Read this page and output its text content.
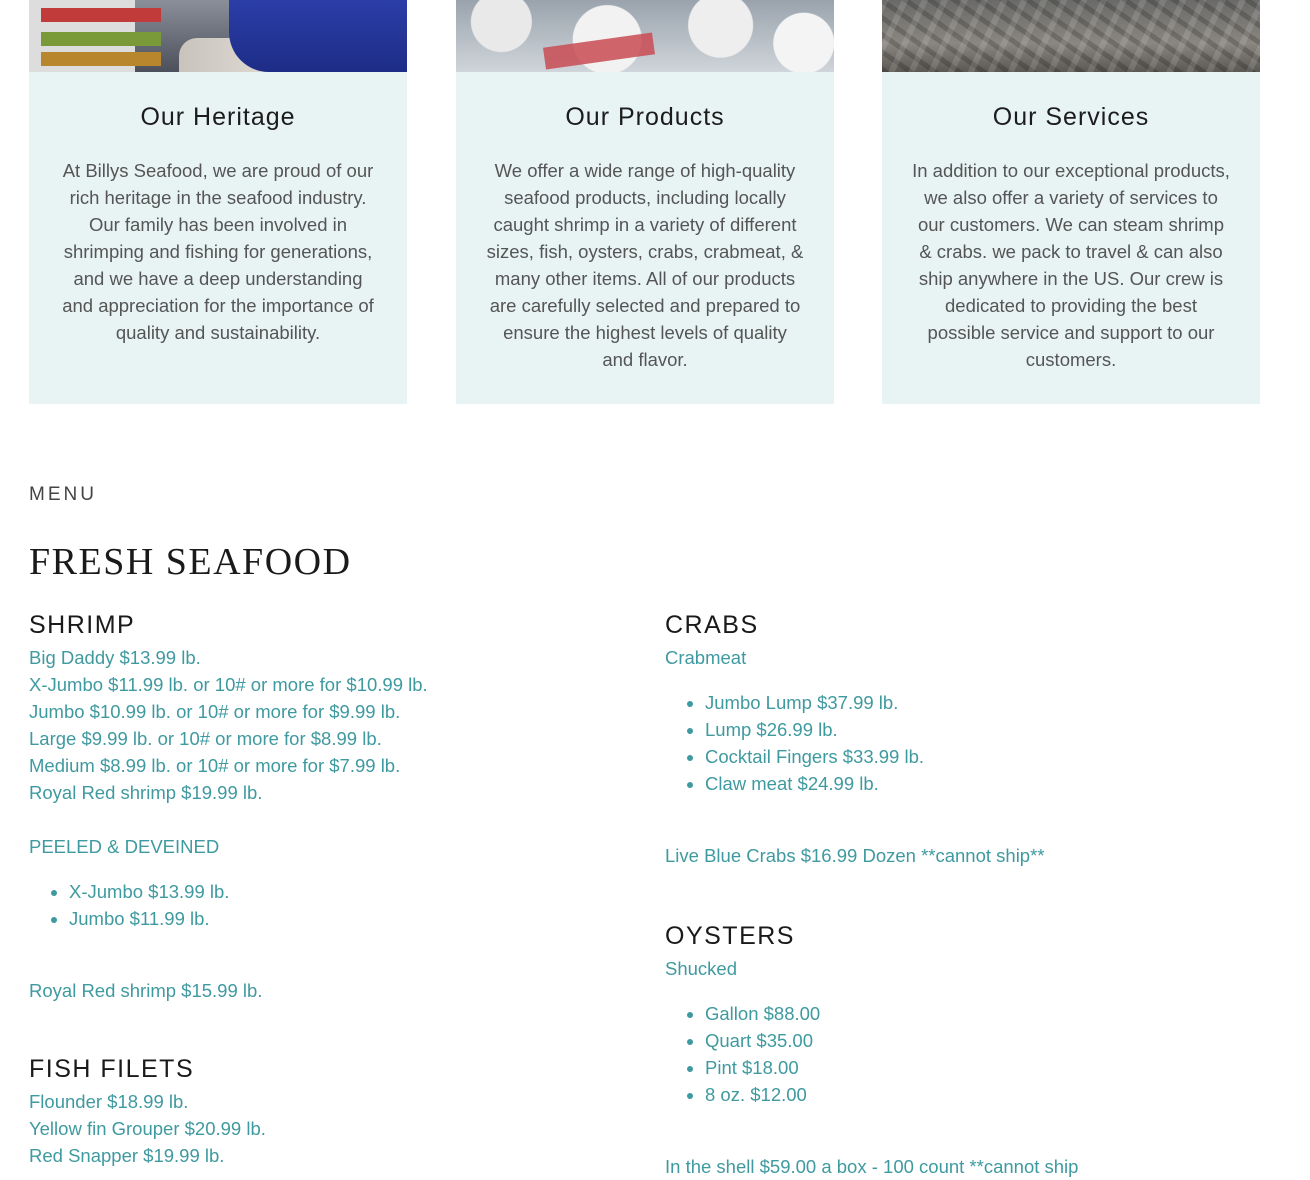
Our Heritage

At Billys Seafood, we are proud of our rich heritage in the seafood industry. Our family has been involved in shrimping and fishing for generations, and we have a deep understanding and appreciation for the importance of quality and sustainability.

Our Products

We offer a wide range of high-quality seafood products, including locally caught shrimp in a variety of different sizes, fish, oysters, crabs, crabmeat, & many other items. All of our products are carefully selected and prepared to ensure the highest levels of quality and flavor.

Our Services

In addition to our exceptional products, we also offer a variety of services to our customers. We can steam shrimp & crabs. we pack to travel & can also ship anywhere in the US. Our crew is dedicated to providing the best possible service and support to our customers.

MENU
FRESH SEAFOOD
SHRIMP
Big Daddy $13.99 lb.
X-Jumbo $11.99 lb. or 10# or more for $10.99 lb.
Jumbo $10.99 lb. or 10# or more for $9.99 lb.
Large $9.99 lb. or 10# or more for $8.99 lb.
Medium $8.99 lb. or 10# or more for $7.99 lb.
Royal Red shrimp $19.99 lb.
PEELED & DEVEINED
• X-Jumbo $13.99 lb.
• Jumbo $11.99 lb.
Royal Red shrimp $15.99 lb.
FISH FILETS
Flounder $18.99 lb.
Yellow fin Grouper $20.99 lb.
Red Snapper $19.99 lb.
CRABS
Crabmeat
• Jumbo Lump $37.99 lb.
• Lump $26.99 lb.
• Cocktail Fingers $33.99 lb.
• Claw meat $24.99 lb.
Live Blue Crabs $16.99 Dozen **cannot ship**
OYSTERS
Shucked
• Gallon $88.00
• Quart $35.00
• Pint $18.00
• 8 oz. $12.00
In the shell $59.00 a box - 100 count **cannot ship
